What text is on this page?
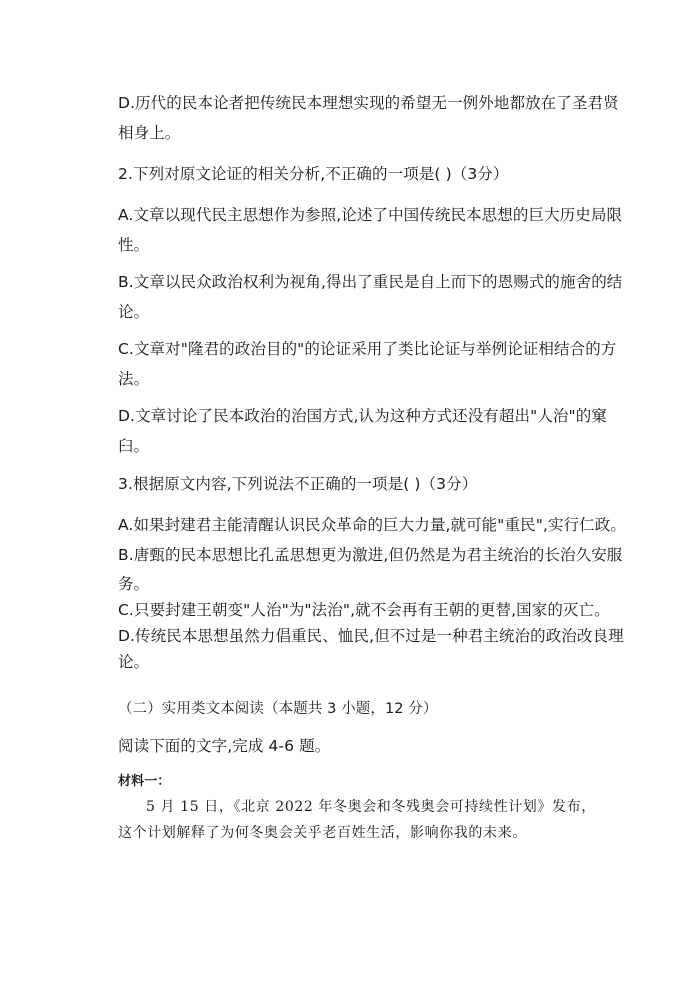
D.历代的民本论者把传统民本理想实现的希望无一例外地都放在了圣君贤
相身上。
2.下列对原文论证的相关分析,不正确的一项是( )（3分）
A.文章以现代民主思想作为参照,论述了中国传统民本思想的巨大历史局限
性。
B.文章以民众政治权利为视角,得出了重民是自上而下的恩赐式的施舍的结
论。
C.文章对"隆君的政治目的"的论证采用了类比论证与举例论证相结合的方
法。
D.文章讨论了民本政治的治国方式,认为这种方式还没有超出"人治"的窠
臼。
3.根据原文内容,下列说法不正确的一项是( )（3分）
A.如果封建君主能清醒认识民众革命的巨大力量,就可能"重民",实行仁政。
B.唐甄的民本思想比孔孟思想更为激进,但仍然是为君主统治的长治久安服
务。
C.只要封建王朝变"人治"为"法治",就不会再有王朝的更替,国家的灭亡。
D.传统民本思想虽然力倡重民、恤民,但不过是一种君主统治的政治改良理
论。
（二）实用类文本阅读（本题共 3 小题，12 分）
阅读下面的文字,完成 4-6 题。
材料一：
5 月 15 日，《北京 2022 年冬奥会和冬残奥会可持续性计划》发布，
这个计划解释了为何冬奥会关乎老百姓生活，影响你我的未来。
